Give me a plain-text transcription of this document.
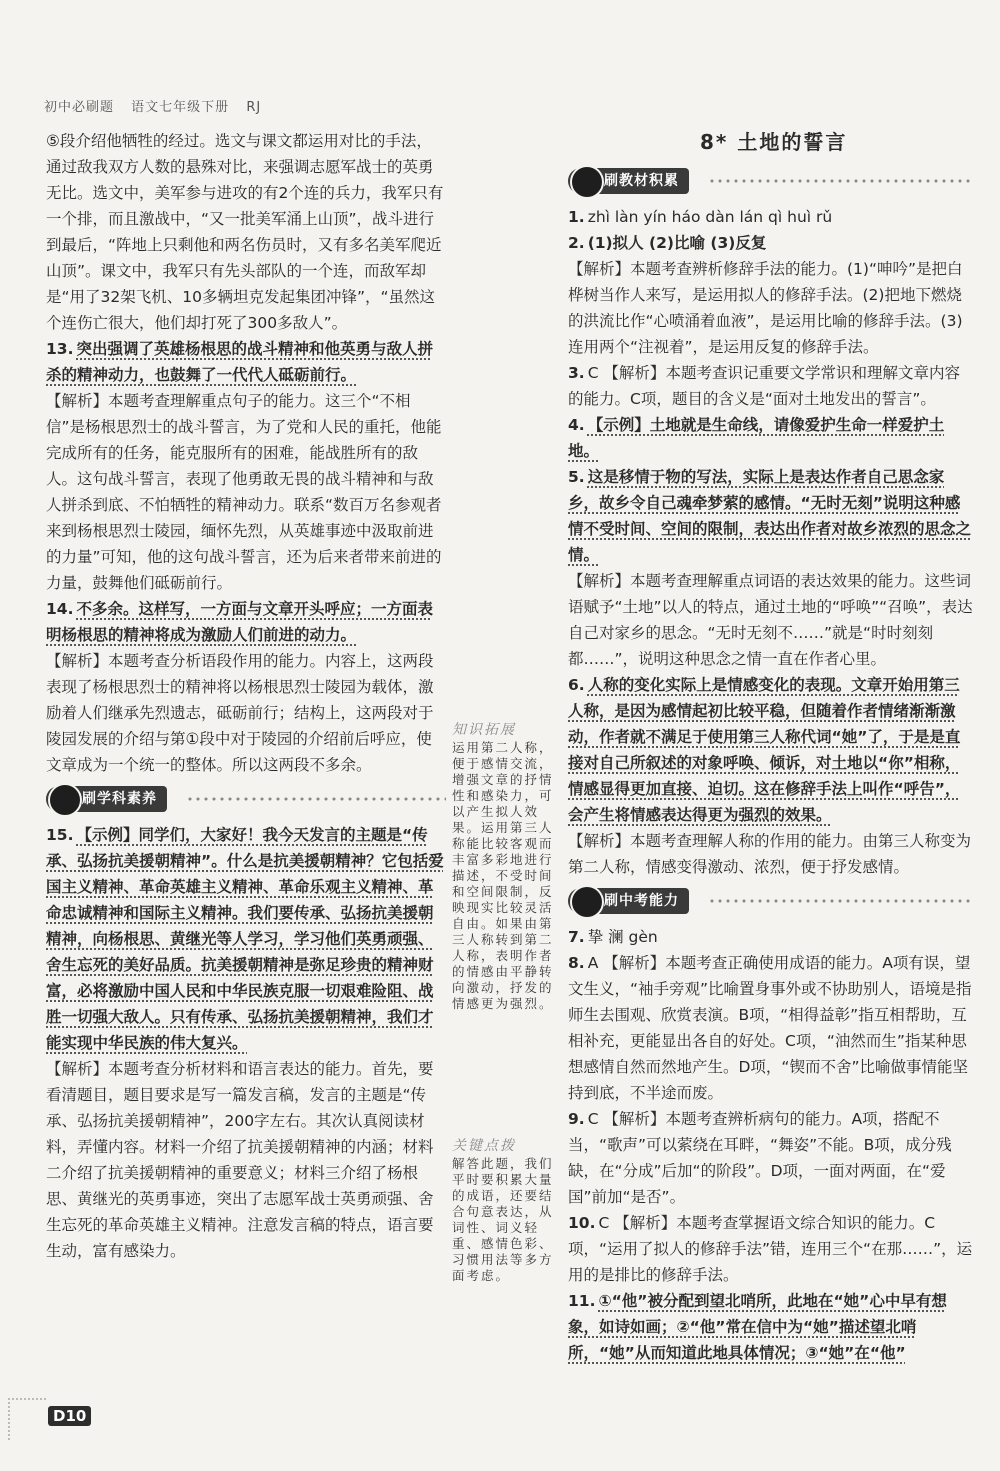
初中必刷题 语文七年级下册 RJ
8* 土地的誓言

⑤段介绍他牺牲的经过。选文与课文都运用对比的手法，通过敌我双方人数的悬殊对比，来强调志愿军战士的英勇无比。选文中，美军参与进攻的有2个连的兵力，我军只有一个排，而且激战中，“又一批美军涌上山顶”，战斗进行到最后，“阵地上只剩他和两名伤员时，又有多名美军爬近山顶”。课文中，我军只有先头部队的一个连，而敌军却是“用了32架飞机、10多辆坦克发起集团冲锋”，“虽然这个连伤亡很大，他们却打死了300多敌人”。

13. 突出强调了英雄杨根思的战斗精神和他英勇与敌人拼杀的精神动力，也鼓舞了一代代人砥砺前行。

【解析】本题考查理解重点句子的能力。这三个“不相信”是杨根思烈士的战斗誓言，为了党和人民的重托，他能完成所有的任务，能克服所有的困难，能战胜所有的敌人。这句战斗誓言，表现了他勇敢无畏的战斗精神和与敌人拼杀到底、不怕牺牲的精神动力。联系“数百万名参观者来到杨根思烈士陵园，缅怀先烈，从英雄事迹中汲取前进的力量”可知，他的这句战斗誓言，还为后来者带来前进的力量，鼓舞他们砥砺前行。

14. 不多余。这样写，一方面与文章开头呼应；一方面表明杨根思的精神将成为激励人们前进的动力。

【解析】本题考查分析语段作用的能力。内容上，这两段表现了杨根思烈士的精神将以杨根思烈士陵园为载体，激励着人们继承先烈遗志，砥砺前行；结构上，这两段对于陵园发展的介绍与第①段中对于陵园的介绍前后呼应，使文章成为一个统一的整体。所以这两段不多余。

刷学科素养
15. 【示例】同学们，大家好！我今天发言的主题是“传承、弘扬抗美援朝精神”。什么是抗美援朝精神？它包括爱国主义精神、革命英雄主义精神、革命乐观主义精神、革命忠诚精神和国际主义精神。我们要传承、弘扬抗美援朝精神，向杨根思、黄继光等人学习，学习他们英勇顽强、舍生忘死的美好品质。抗美援朝精神是弥足珍贵的精神财富，必将激励中国人民和中华民族克服一切艰难险阻、战胜一切强大敌人。只有传承、弘扬抗美援朝精神，我们才能实现中华民族的伟大复兴。

【解析】本题考查分析材料和语言表达的能力。首先，要看清题目，题目要求是写一篇发言稿，发言的主题是“传承、弘扬抗美援朝精神”，200字左右。其次认真阅读材料，弄懂内容。材料一介绍了抗美援朝精神的内涵；材料二介绍了抗美援朝精神的重要意义；材料三介绍了杨根思、黄继光的英勇事迹，突出了志愿军战士英勇顽强、舍生忘死的革命英雄主义精神。注意发言稿的特点，语言要生动，富有感染力。

知识拓展
运用第二人称，便于感情交流，增强文章的抒情性和感染力，可以产生拟人效果。运用第三人称能比较客观而丰富多彩地进行描述，不受时间和空间限制，反映现实比较灵活自由。如果由第三人称转到第二人称，表明作者的情感由平静转向激动，抒发的情感更为强烈。
关键点拨
解答此题，我们平时要积累大量的成语，还要结合句意表达，从词性、词义轻重、感情色彩、习惯用法等多方面考虑。
刷教材积累
1. zhì làn yín háo dàn lán qì huì rǔ
2. (1)拟人 (2)比喻 (3)反复

【解析】本题考查辨析修辞手法的能力。(1)“呻吟”是把白桦树当作人来写，是运用拟人的修辞手法。(2)把地下燃烧的洪流比作“心喷涌着血液”，是运用比喻的修辞手法。(3)连用两个“注视着”，是运用反复的修辞手法。

3. C 【解析】本题考查识记重要文学常识和理解文章内容的能力。C项，题目的含义是“面对土地发出的誓言”。
4. 【示例】土地就是生命线，请像爱护生命一样爱护土地。
5. 这是移情于物的写法，实际上是表达作者自己思念家乡，故乡令自己魂牵梦萦的感情。“无时无刻”说明这种感情不受时间、空间的限制，表达出作者对故乡浓烈的思念之情。

【解析】本题考查理解重点词语的表达效果的能力。这些词语赋予“土地”以人的特点，通过土地的“呼唤”“召唤”，表达自己对家乡的思念。“无时无刻不……”就是“时时刻刻都……”，说明这种思念之情一直在作者心里。

6. 人称的变化实际上是情感变化的表现。文章开始用第三人称，是因为感情起初比较平稳，但随着作者情绪渐渐激动，作者就不满足于使用第三人称代词“她”了，于是是直接对自己所叙述的对象呼唤、倾诉，对土地以“你”相称，情感显得更加直接、迫切。这在修辞手法上叫作“呼告”，会产生将情感表达得更为强烈的效果。

【解析】本题考查理解人称的作用的能力。由第三人称变为第二人称，情感变得激动、浓烈，便于抒发感情。

刷中考能力
7. 挚 澜 gèn
8. A 【解析】本题考查正确使用成语的能力。A项有误，望文生义，“袖手旁观”比喻置身事外或不协助别人，语境是指师生去围观、欣赏表演。B项，“相得益彰”指互相帮助，互相补充，更能显出各自的好处。C项，“油然而生”指某种思想感情自然而然地产生。D项，“锲而不舍”比喻做事情能坚持到底，不半途而废。
9. C 【解析】本题考查辨析病句的能力。A项，搭配不当，“歌声”可以萦绕在耳畔，“舞姿”不能。B项，成分残缺，在“分成”后加“的阶段”。D项，一面对两面，在“爱国”前加“是否”。
10. C 【解析】本题考查掌握语文综合知识的能力。C项，“运用了拟人的修辞手法”错，连用三个“在那……”，运用的是排比的修辞手法。
11. ①“他”被分配到望北哨所，此地在“她”心中早有想象，如诗如画；②“他”常在信中为“她”描述望北哨所，“她”从而知道此地具体情况；③“她”在“他”
D10
